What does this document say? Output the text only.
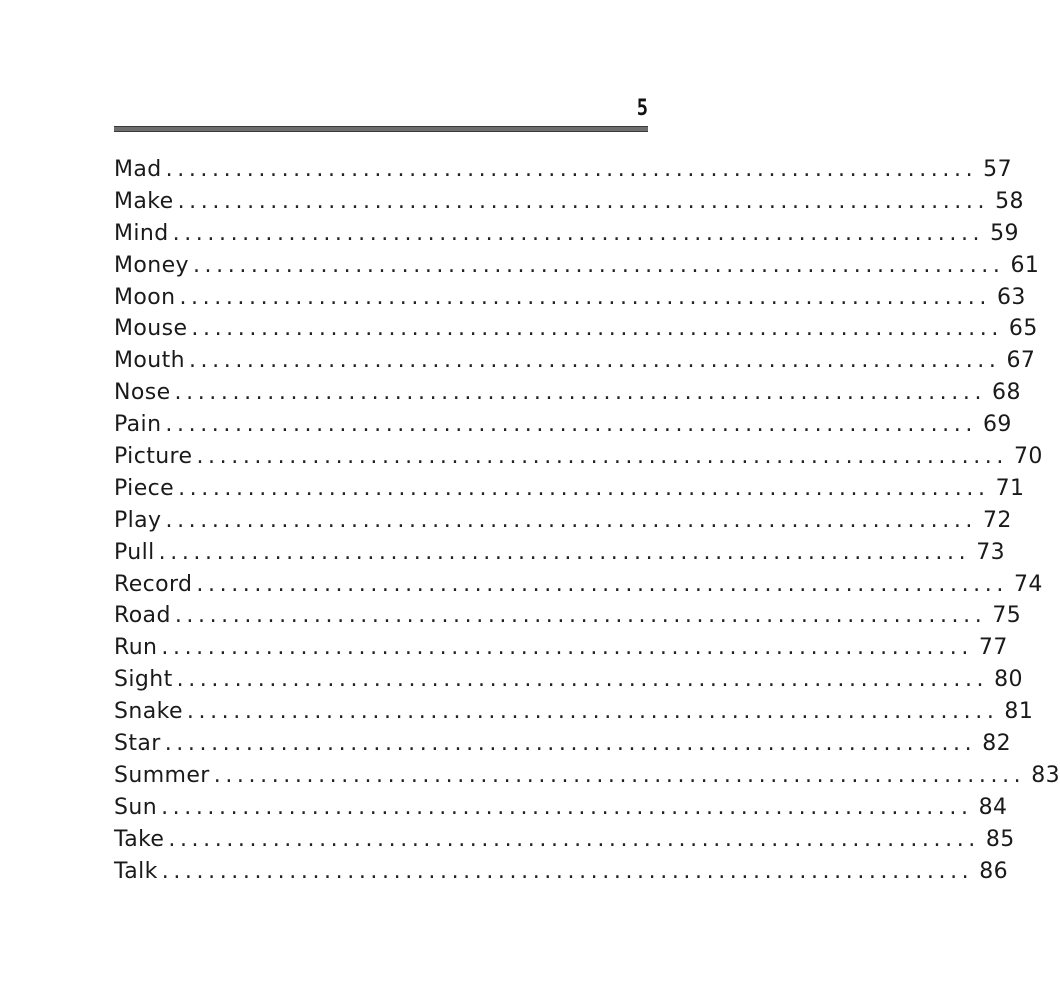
5
Mad ...................................................................... 57
Make ...................................................................... 58
Mind ...................................................................... 59
Money ...................................................................... 61
Moon ...................................................................... 63
Mouse ...................................................................... 65
Mouth ...................................................................... 67
Nose ...................................................................... 68
Pain ...................................................................... 69
Picture ...................................................................... 70
Piece ...................................................................... 71
Play ...................................................................... 72
Pull ...................................................................... 73
Record ...................................................................... 74
Road ...................................................................... 75
Run ...................................................................... 77
Sight ...................................................................... 80
Snake ...................................................................... 81
Star ...................................................................... 82
Summer ...................................................................... 83
Sun ...................................................................... 84
Take ...................................................................... 85
Talk ...................................................................... 86
